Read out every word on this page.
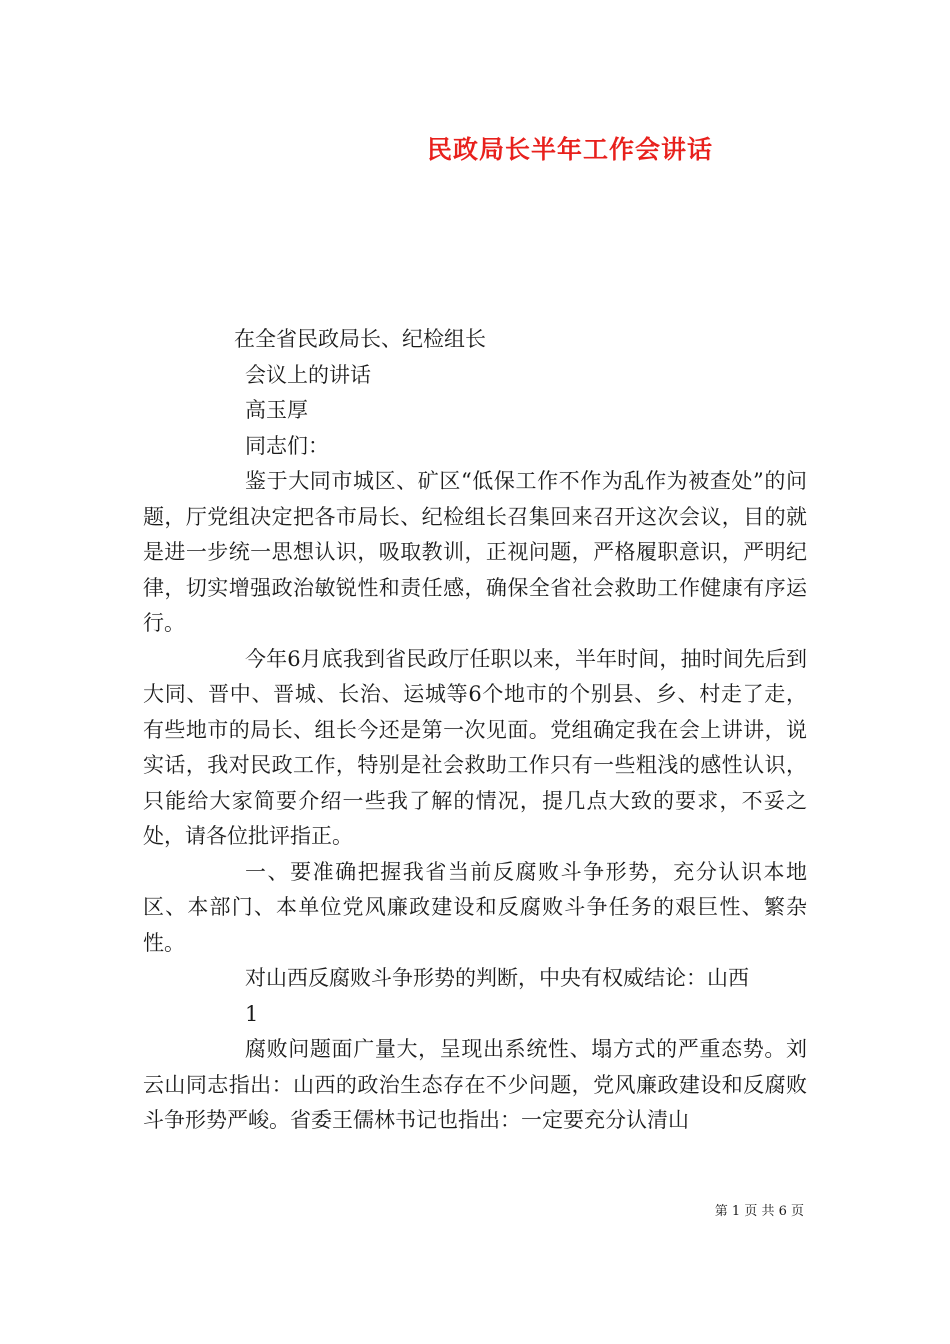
民政局长半年工作会讲话
在全省民政局长、纪检组长
会议上的讲话
高玉厚
同志们：

鉴于大同市城区、矿区“低保工作不作为乱作为被查处”的问题，厅党组决定把各市局长、纪检组长召集回来召开这次会议，目的就是进一步统一思想认识，吸取教训，正视问题，严格履职意识，严明纪律，切实增强政治敏锐性和责任感，确保全省社会救助工作健康有序运行。

今年6月底我到省民政厅任职以来，半年时间，抽时间先后到大同、晋中、晋城、长治、运城等6个地市的个别县、乡、村走了走，有些地市的局长、组长今还是第一次见面。党组确定我在会上讲讲，说实话，我对民政工作，特别是社会救助工作只有一些粗浅的感性认识，只能给大家简要介绍一些我了解的情况，提几点大致的要求，不妥之处，请各位批评指正。

一、要准确把握我省当前反腐败斗争形势，充分认识本地区、本部门、本单位党风廉政建设和反腐败斗争任务的艰巨性、繁杂性。

对山西反腐败斗争形势的判断，中央有权威结论：山西
1

腐败问题面广量大，呈现出系统性、塌方式的严重态势。刘云山同志指出：山西的政治生态存在不少问题，党风廉政建设和反腐败斗争形势严峻。省委王儒林书记也指出：一定要充分认清山

第 1 页 共 6 页
